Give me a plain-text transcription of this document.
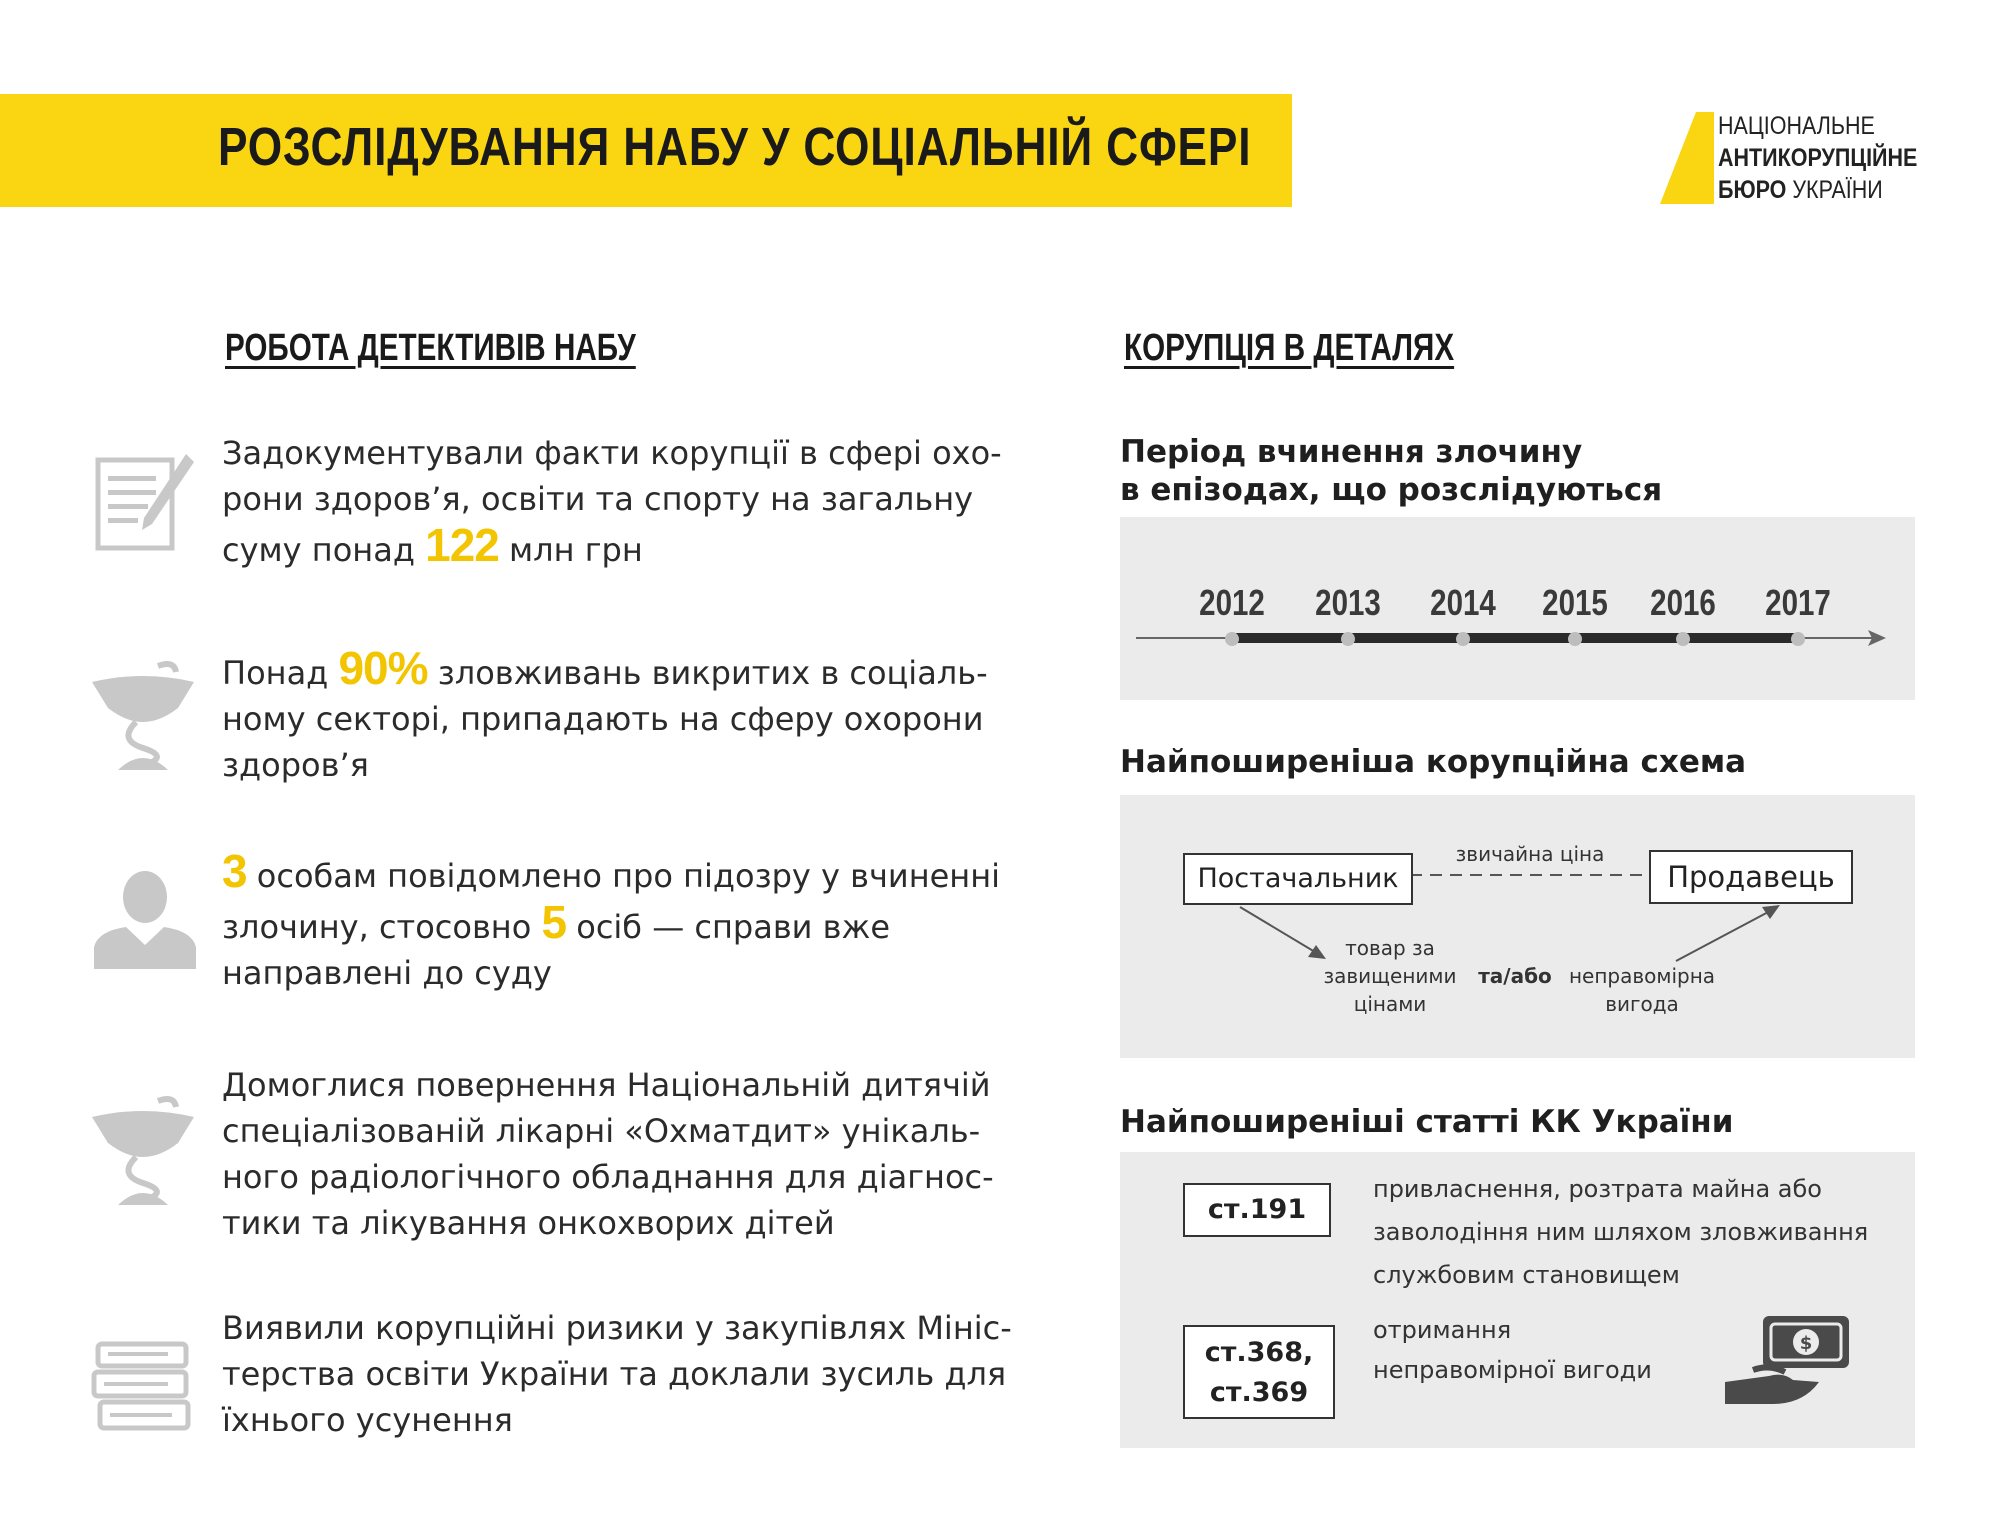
РОЗСЛІДУВАННЯ НАБУ У СОЦІАЛЬНІЙ СФЕРІ	НАЦІОНАЛЬНЕ
АНТИКОРУПЦІЙНЕ
БЮРО УКРАЇНИ
РОБОТА ДЕТЕКТИВІВ НАБУ
Задокументували факти корупції в сфері охо-
рони здоров’я, освіти та спорту на загальну
суму понад 122 млн грн
Понад 90% зловживань викритих в соціаль-
ному секторі, припадають на сферу охорони
здоров’я
3 особам повідомлено про підозру у вчиненні
злочину, стосовно 5 осіб — справи вже
направлені до суду
Домоглися повернення Національній дитячій
спеціалізованій лікарні «Охматдит» унікаль-
ного радіологічного обладнання для діагнос-
тики та лікування онкохворих дітей
Виявили корупційні ризики у закупівлях Мініс-
терства освіти України та доклали зусиль для
їхнього усунення
КОРУПЦІЯ В ДЕТАЛЯХ
Період вчинення злочину
в епізодах, що розслідуються
2012 2013 2014 2015 2016 2017
Найпоширеніша корупційна схема
Постачальник	Продавець
звичайна ціна
товар за
завищеними
цінами
та/або неправомірна
вигода
Найпоширеніші статті КК України
ст.191
привласнення, розтрата майна або
заволодіння ним шляхом зловживання
службовим становищем
ст.368,
ст.369
отримання
неправомірної вигоди
$
